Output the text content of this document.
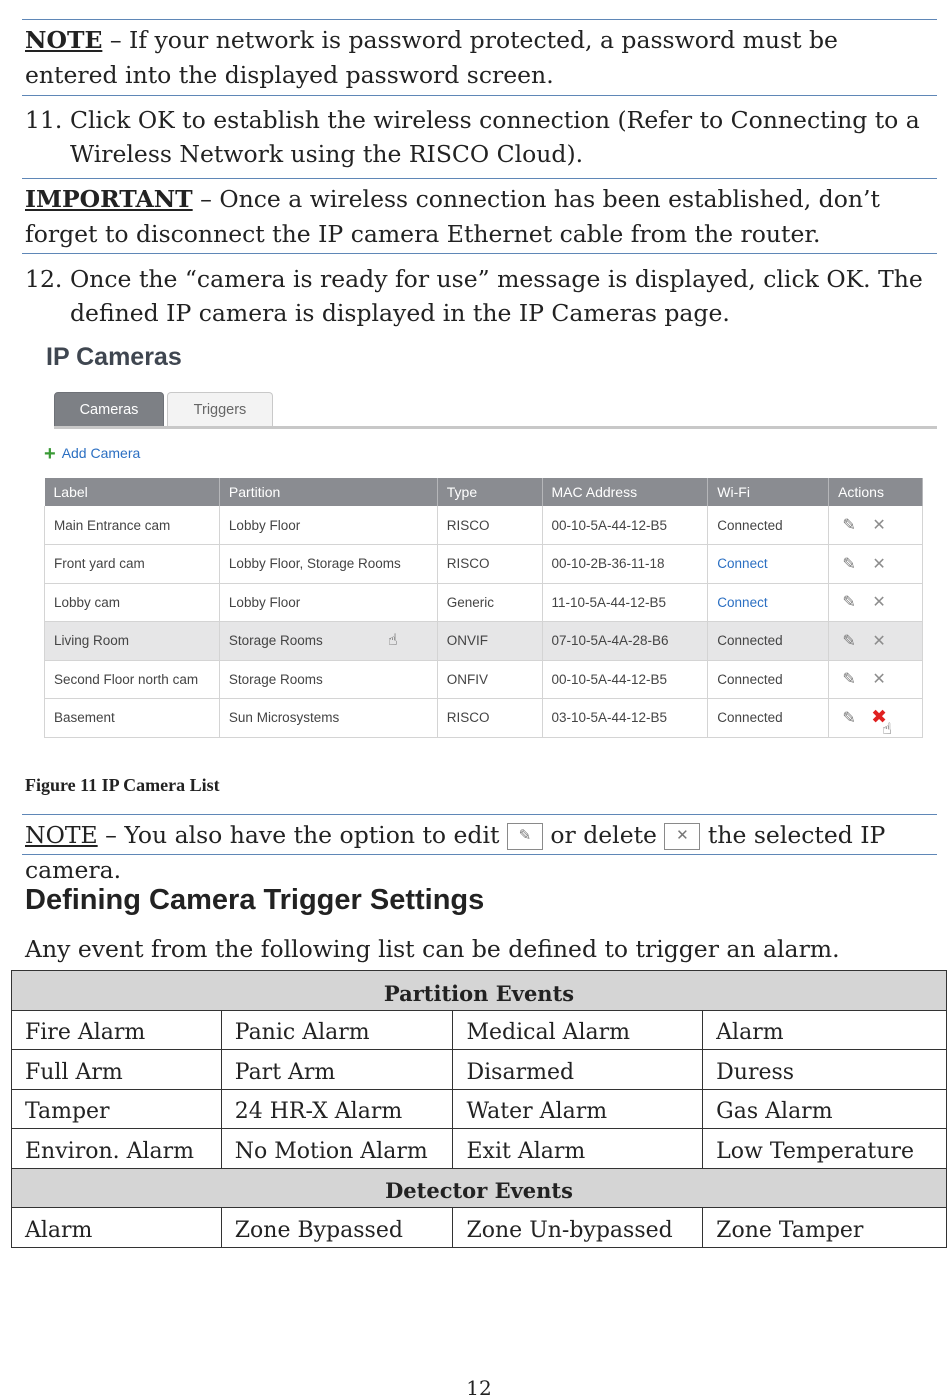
NOTE – If your network is password protected, a password must be entered into the displayed password screen.
11. Click OK to establish the wireless connection (Refer to Connecting to a Wireless Network using the RISCO Cloud).
IMPORTANT – Once a wireless connection has been established, don’t forget to disconnect the IP camera Ethernet cable from the router.
12. Once the “camera is ready for use” message is displayed, click OK. The defined IP camera is displayed in the IP Cameras page.
IP Cameras
Cameras	Triggers
+ Add Camera
Label	Partition	Type	MAC Address	Wi-Fi	Actions
Main Entrance cam	Lobby Floor	RISCO	00-10-5A-44-12-B5	Connected	✎ ✕
Front yard cam	Lobby Floor, Storage Rooms	RISCO	00-10-2B-36-11-18	Connect	✎ ✕
Lobby cam	Lobby Floor	Generic	11-10-5A-44-12-B5	Connect	✎ ✕
Living Room	Storage Rooms ☝	ONVIF	07-10-5A-4A-28-B6	Connected	✎ ✕
Second Floor north cam	Storage Rooms	ONFIV	00-10-5A-44-12-B5	Connected	✎ ✕
Basement	Sun Microsystems	RISCO	03-10-5A-44-12-B5	Connected	✎ ✖
☝
Figure 11 IP Camera List
NOTE – You also have the option to edit ✎ or delete ✕ the selected IP camera.
Defining Camera Trigger Settings
Any event from the following list can be defined to trigger an alarm.
Partition Events			
Fire Alarm	Panic Alarm	Medical Alarm	Alarm
Full Arm	Part Arm	Disarmed	Duress
Tamper	24 HR-X Alarm	Water Alarm	Gas Alarm
Environ. Alarm	No Motion Alarm	Exit Alarm	Low Temperature
Detector Events			
Alarm	Zone Bypassed	Zone Un-bypassed	Zone Tamper
12
